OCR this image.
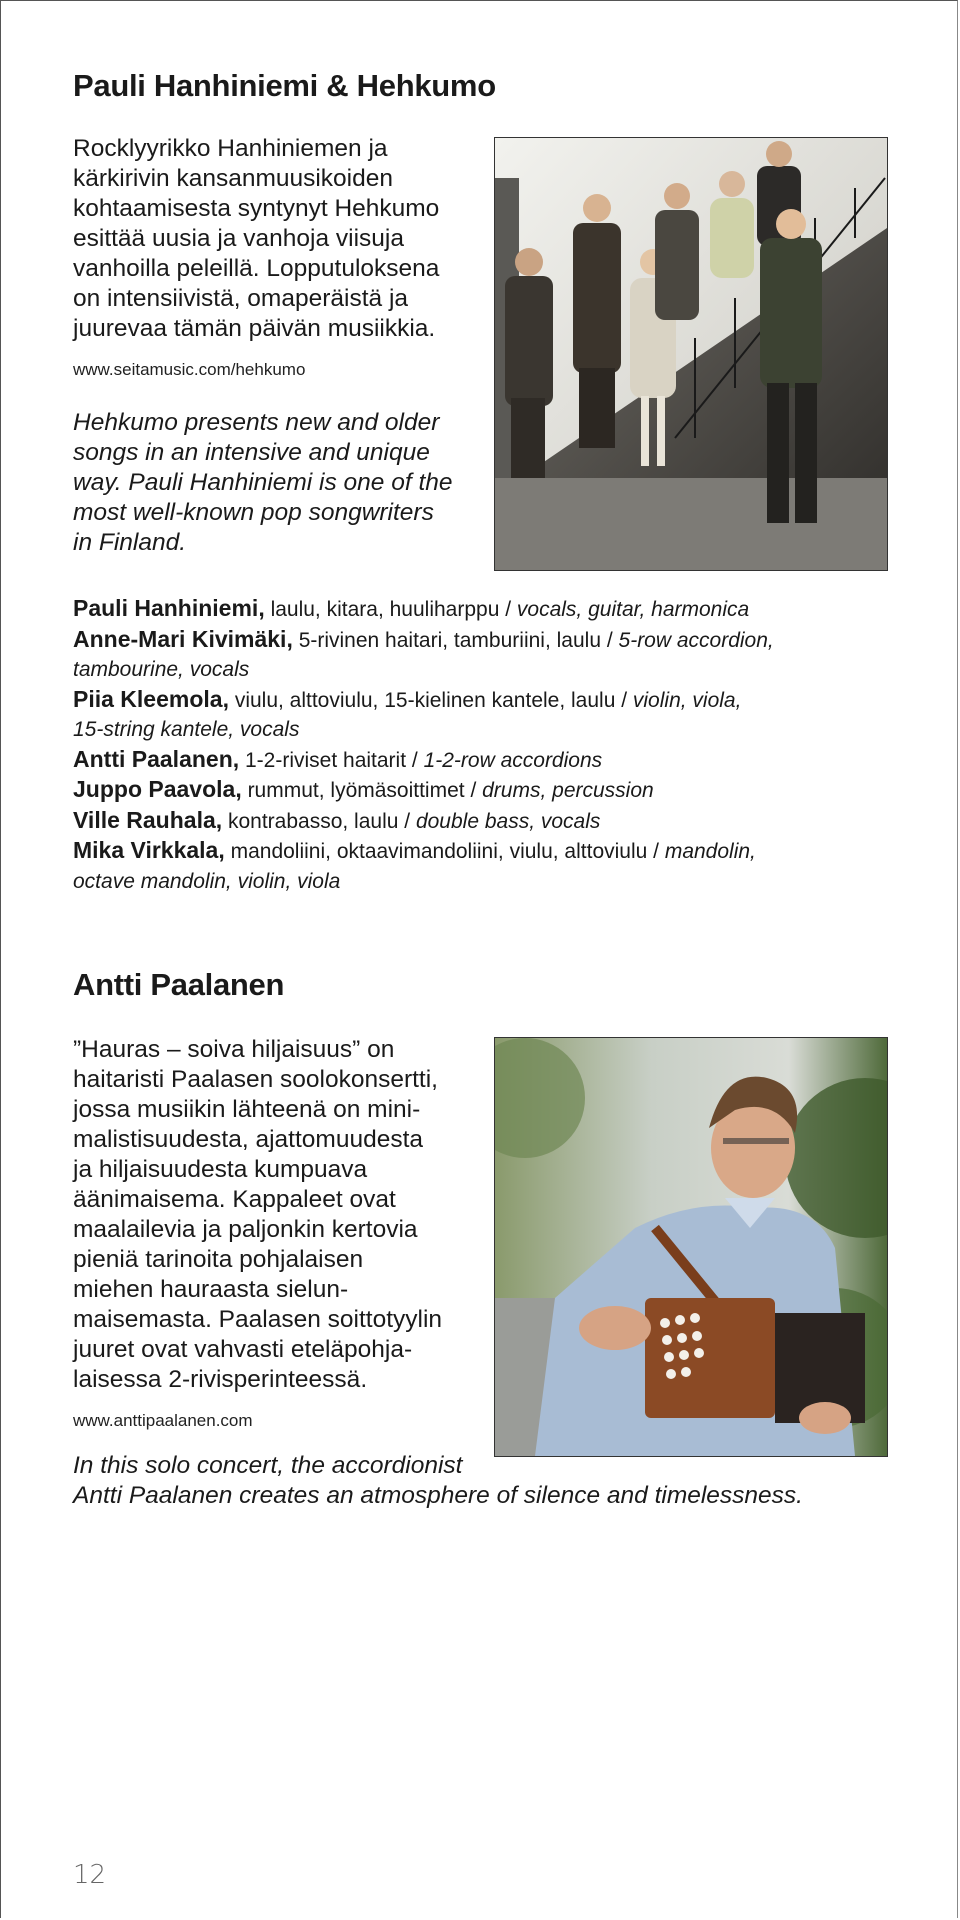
Pauli Hanhiniemi & Hehkumo

Rocklyyrikko Hanhiniemen ja
kärkirivin kansanmuusikoiden
kohtaamisesta syntynyt Hehkumo
esittää uusia ja vanhoja viisuja
vanhoilla peleillä. Lopputuloksena
on intensiivistä, omaperäistä ja
juurevaa tämän päivän musiikkia.

www.seitamusic.com/hehkumo

Hehkumo presents new and older
songs in an intensive and unique
way. Pauli Hanhiniemi is one of the
most well-known pop songwriters
in Finland.

Pauli Hanhiniemi, laulu, kitara, huuliharppu / vocals, guitar, harmonica
Anne-Mari Kivimäki, 5-rivinen haitari, tamburiini, laulu / 5-row accordion,
tambourine, vocals
Piia Kleemola, viulu, alttoviulu, 15-kielinen kantele, laulu / violin, viola,
15-string kantele, vocals
Antti Paalanen, 1-2-riviset haitarit / 1-2-row accordions
Juppo Paavola, rummut, lyömäsoittimet / drums, percussion
Ville Rauhala, kontrabasso, laulu / double bass, vocals
Mika Virkkala, mandoliini, oktaavimandoliini, viulu, alttoviulu / mandolin,
octave mandolin, violin, viola
Antti Paalanen

”Hauras – soiva hiljaisuus” on
haitaristi Paalasen soolokonsertti,
jossa musiikin lähteenä on mini-
malistisuudesta, ajattomuudesta
ja hiljaisuudesta kumpuava
äänimaisema. Kappaleet ovat
maalailevia ja paljonkin kertovia
pieniä tarinoita pohjalaisen
miehen hauraasta sielun-
maisemasta. Paalasen soittotyylin
juuret ovat vahvasti eteläpohja-
laisessa 2-rivisperinteessä.

www.anttipaalanen.com

In this solo concert, the accordionist
Antti Paalanen creates an atmosphere of silence and timelessness.

12
